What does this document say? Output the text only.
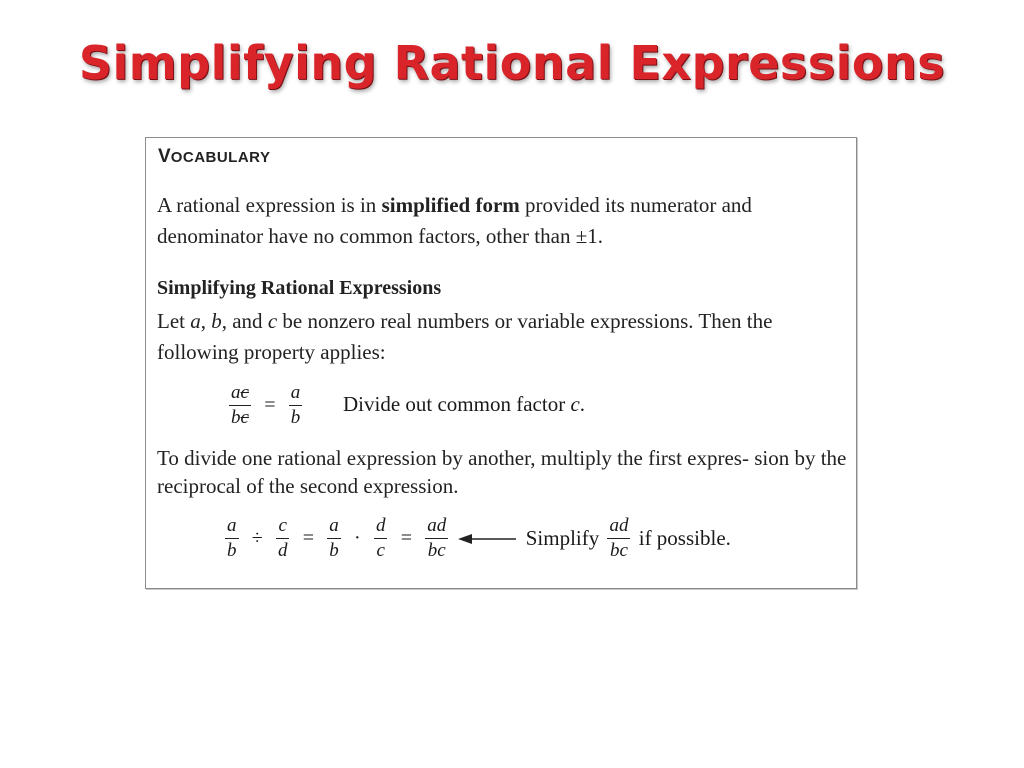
Simplifying Rational Expressions
VOCABULARY
A rational expression is in simplified form provided its numerator and denominator have no common factors, other than ±1.
Simplifying Rational Expressions
Let a, b, and c be nonzero real numbers or variable expressions. Then the following property applies:
$\frac{ac}{bc} = \frac{a}{b}$ Divide out common factor c.
To divide one rational expression by another, multiply the first expres- sion by the reciprocal of the second expression.
$\frac{a}{b} \div \frac{c}{d} = \frac{a}{b} \cdot \frac{d}{c} = \frac{ad}{bc}$	Simplify $\frac{ad}{bc}$ if possible.
